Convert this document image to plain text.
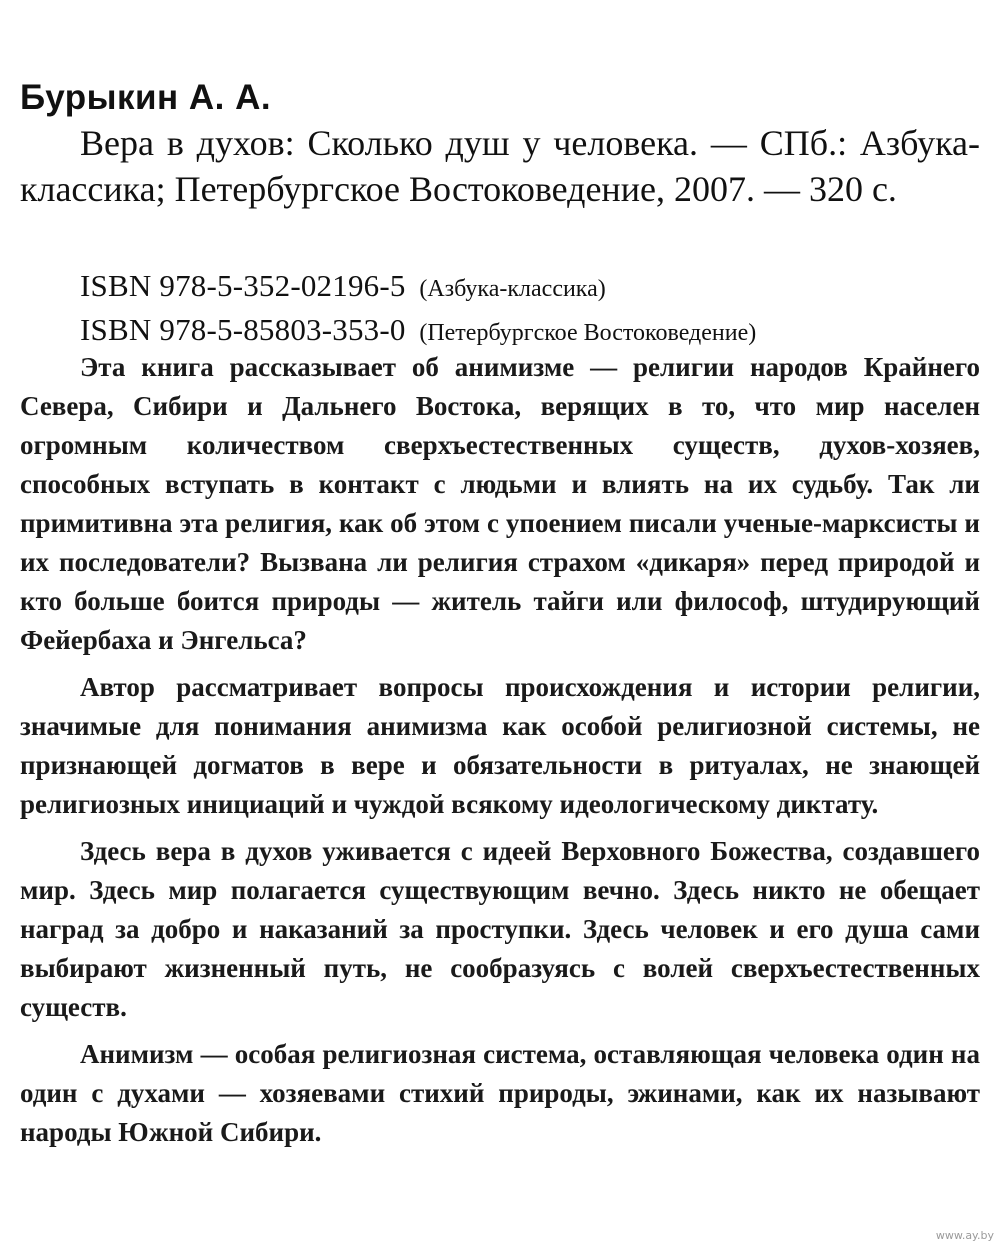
Бурыкин А. А.

Вера в духов: Сколько душ у человека. — СПб.: Азбука-классика; Петербургское Востоковедение, 2007. — 320 с.

ISBN 978-5-352-02196-5 (Азбука-классика)
ISBN 978-5-85803-353-0 (Петербургское Востоковедение)

Эта книга рассказывает об анимизме — религии народов Крайнего Севера, Сибири и Дальнего Востока, верящих в то, что мир населен огромным количеством сверхъестественных существ, духов-хозяев, способных вступать в контакт с людьми и влиять на их судьбу. Так ли примитивна эта религия, как об этом с упоением писали ученые-марксисты и их последователи? Вызвана ли религия страхом «дикаря» перед природой и кто больше боится природы — житель тайги или философ, штудирующий Фейербаха и Энгельса?

Автор рассматривает вопросы происхождения и истории религии, значимые для понимания анимизма как особой религиозной системы, не признающей догматов в вере и обязательности в ритуалах, не знающей религиозных инициаций и чуждой всякому идеологическому диктату.

Здесь вера в духов уживается с идеей Верховного Божества, создавшего мир. Здесь мир полагается существующим вечно. Здесь никто не обещает наград за добро и наказаний за проступки. Здесь человек и его душа сами выбирают жизненный путь, не сообразуясь с волей сверхъестественных существ.

Анимизм — особая религиозная система, оставляющая человека один на один с духами — хозяевами стихий природы, эжинами, как их называют народы Южной Сибири.

www.ay.by
